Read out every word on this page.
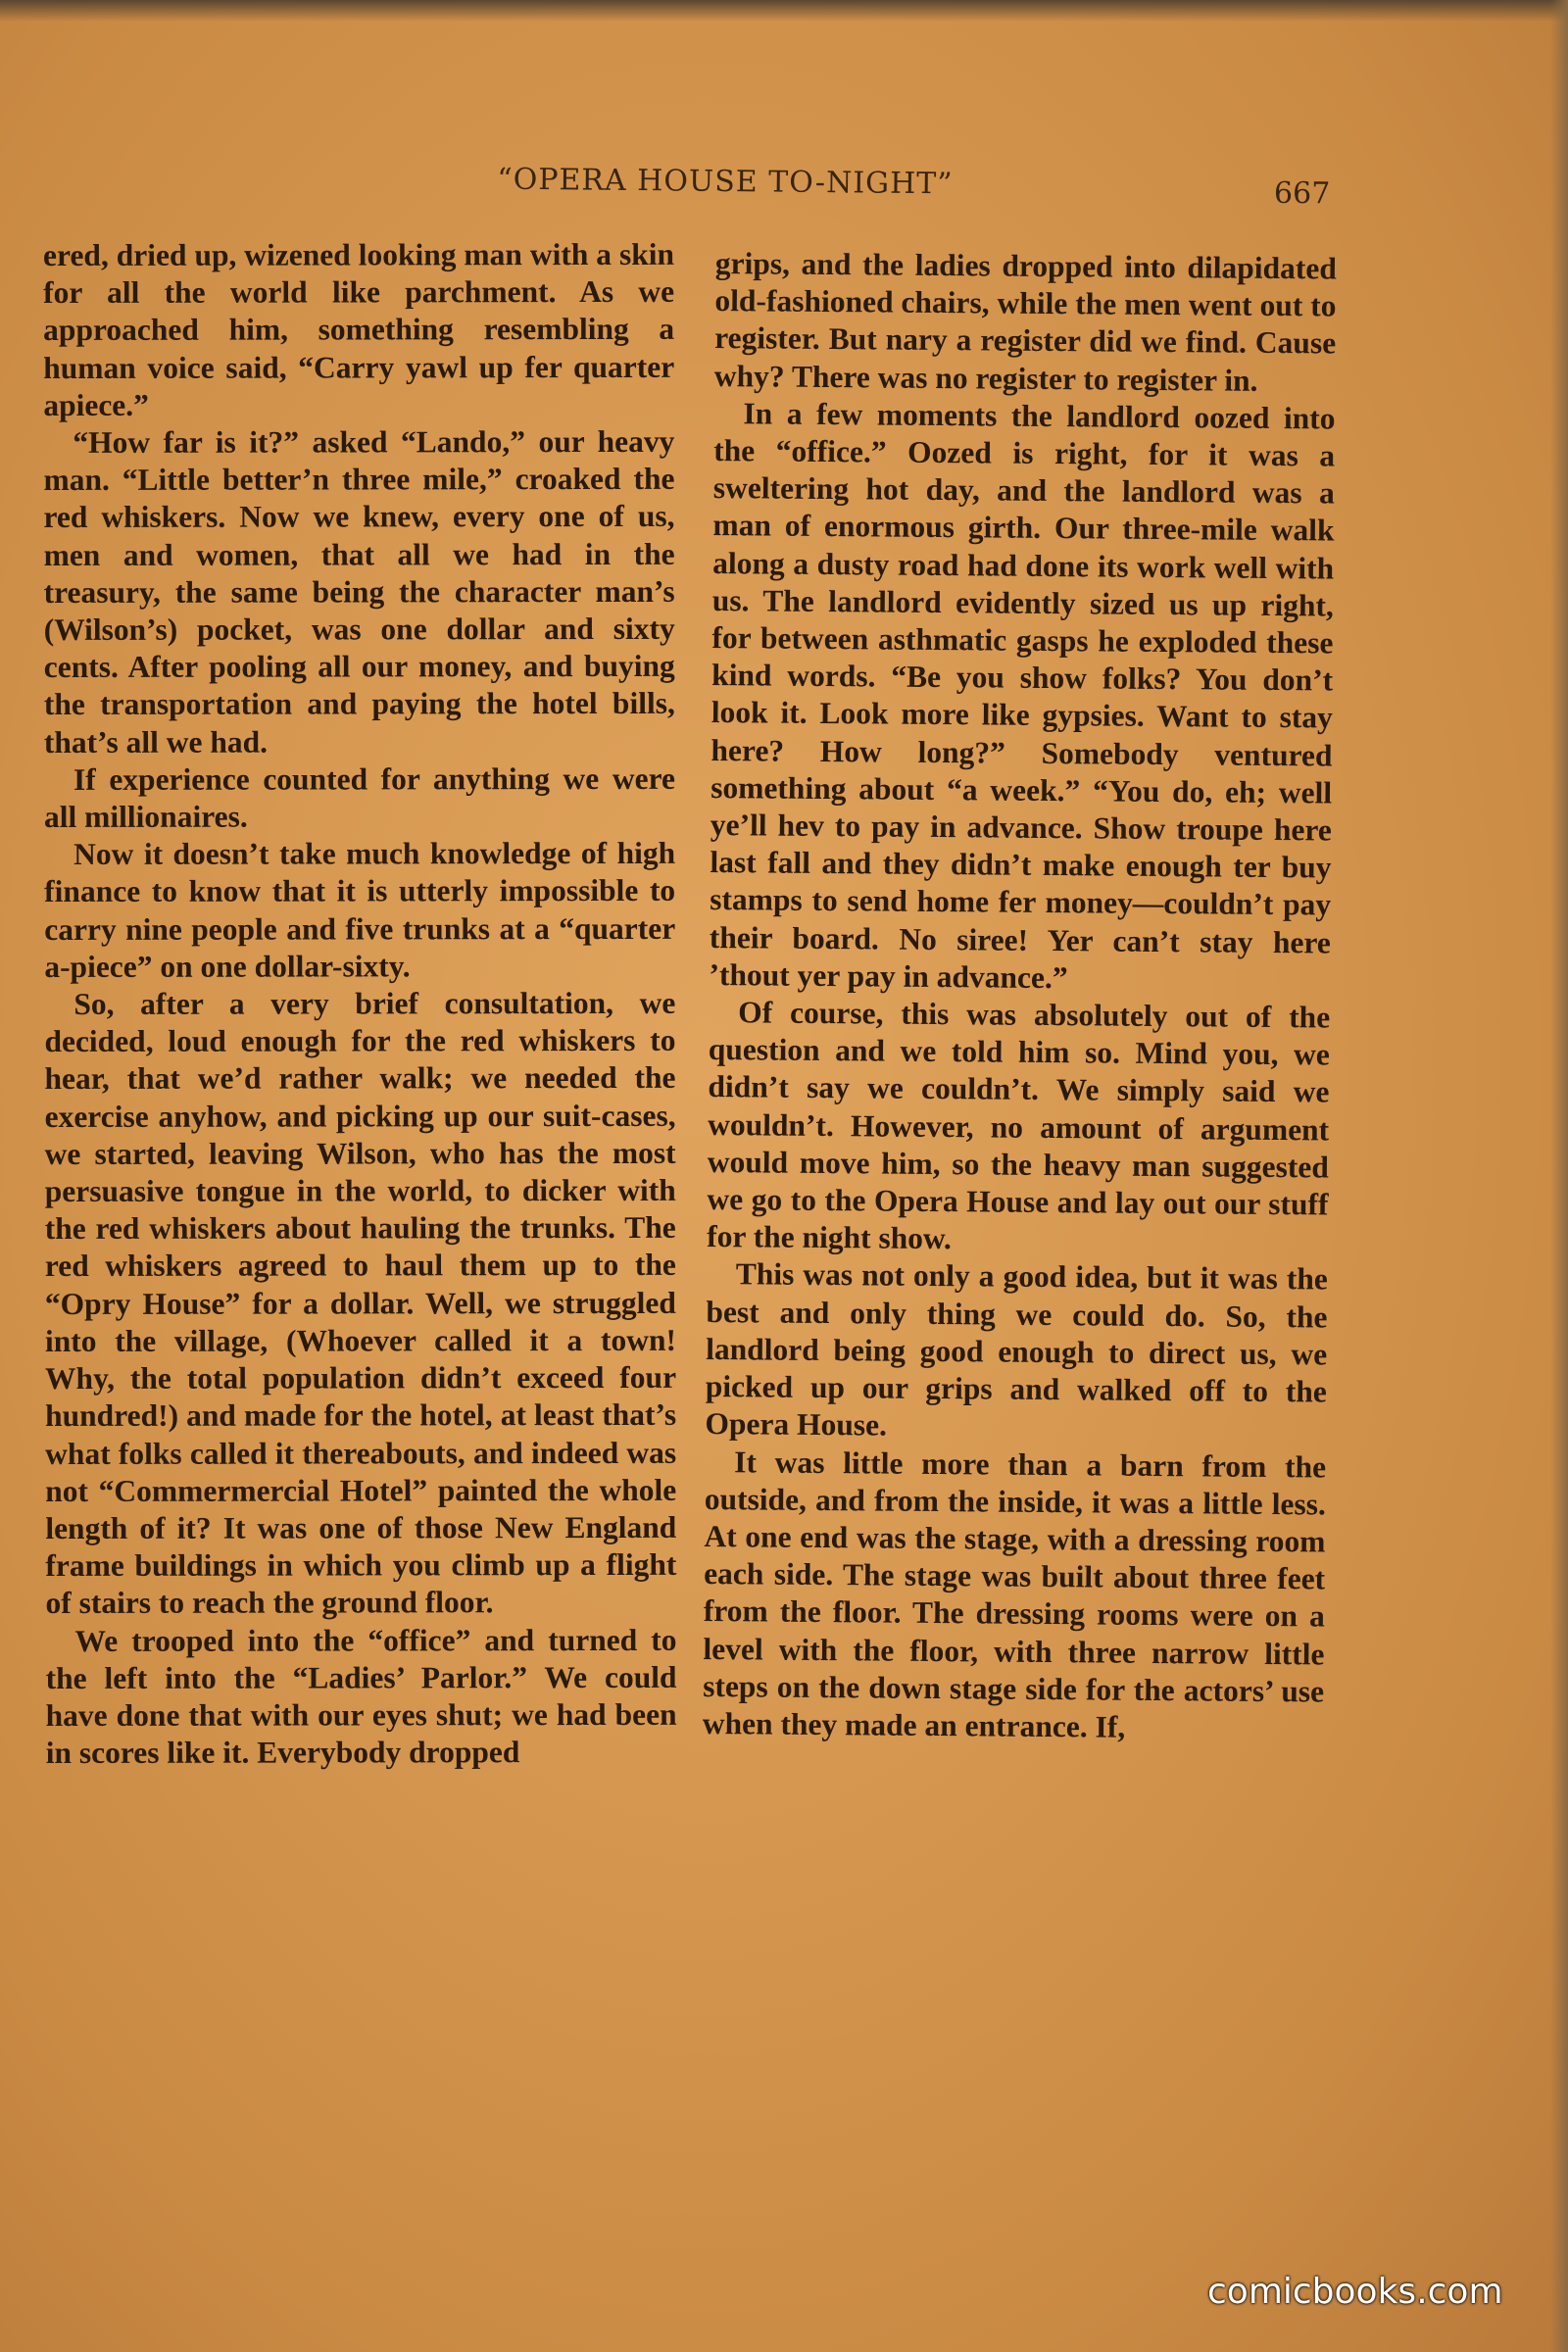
“OPERA HOUSE TO-NIGHT”	667

ered, dried up, wizened looking man with a skin for all the world like parchment. As we approached him, something resembling a human voice said, “Carry yawl up fer quarter apiece.”

“How far is it?” asked “Lando,” our heavy man. “Little better’n three mile,” croaked the red whiskers. Now we knew, every one of us, men and women, that all we had in the treasury, the same being the character man’s (Wilson’s) pocket, was one dollar and sixty cents. After pooling all our money, and buying the transportation and paying the hotel bills, that’s all we had.

If experience counted for anything we were all millionaires.

Now it doesn’t take much knowledge of high finance to know that it is utterly impossible to carry nine people and five trunks at a “quarter a-piece” on one dollar-sixty.

So, after a very brief consultation, we decided, loud enough for the red whiskers to hear, that we’d rather walk; we needed the exercise anyhow, and picking up our suit-cases, we started, leaving Wilson, who has the most persuasive tongue in the world, to dicker with the red whiskers about hauling the trunks. The red whiskers agreed to haul them up to the “Opry House” for a dollar. Well, we struggled into the village, (Whoever called it a town! Why, the total population didn’t exceed four hundred!) and made for the hotel, at least that’s what folks called it thereabouts, and indeed was not “Commermercial Hotel” painted the whole length of it? It was one of those New England frame buildings in which you climb up a flight of stairs to reach the ground floor.

We trooped into the “office” and turned to the left into the “Ladies’ Parlor.” We could have done that with our eyes shut; we had been in scores like it. Everybody dropped

grips, and the ladies dropped into dilapidated old-fashioned chairs, while the men went out to register. But nary a register did we find. Cause why? There was no register to register in.

In a few moments the landlord oozed into the “office.” Oozed is right, for it was a sweltering hot day, and the landlord was a man of enormous girth. Our three-mile walk along a dusty road had done its work well with us. The landlord evidently sized us up right, for between asthmatic gasps he exploded these kind words. “Be you show folks? You don’t look it. Look more like gypsies. Want to stay here? How long?” Somebody ventured something about “a week.” “You do, eh; well ye’ll hev to pay in advance. Show troupe here last fall and they didn’t make enough ter buy stamps to send home fer money—couldn’t pay their board. No siree! Yer can’t stay here ’thout yer pay in advance.”

Of course, this was absolutely out of the question and we told him so. Mind you, we didn’t say we couldn’t. We simply said we wouldn’t. However, no amount of argument would move him, so the heavy man suggested we go to the Opera House and lay out our stuff for the night show.

This was not only a good idea, but it was the best and only thing we could do. So, the landlord being good enough to direct us, we picked up our grips and walked off to the Opera House.

It was little more than a barn from the outside, and from the inside, it was a little less. At one end was the stage, with a dressing room each side. The stage was built about three feet from the floor. The dressing rooms were on a level with the floor, with three narrow little steps on the down stage side for the actors’ use when they made an entrance. If,

comicbooks.com
